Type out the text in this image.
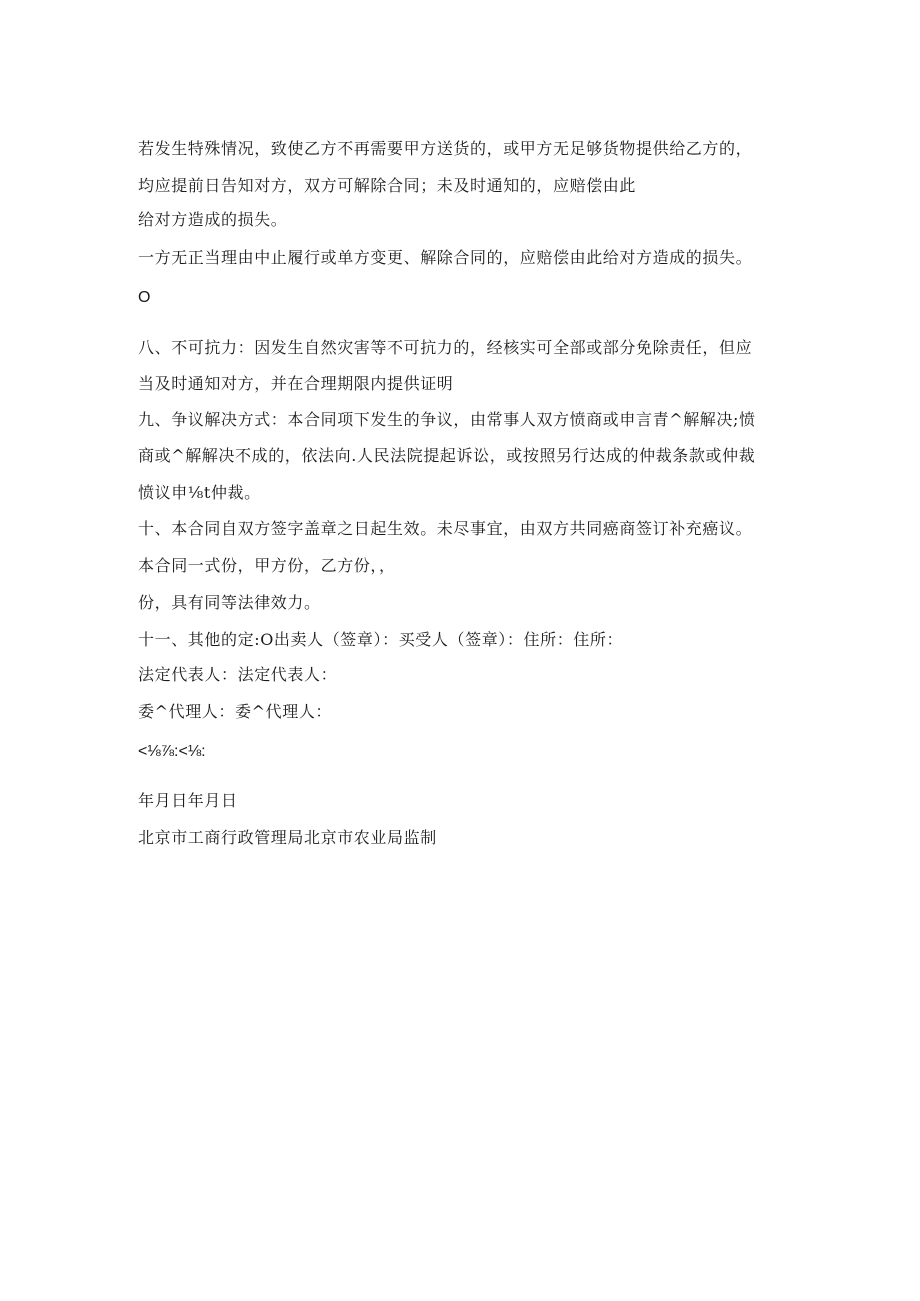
若发生特殊情况，致使乙方不再需要甲方送货的，或甲方无足够货物提供给乙方的，
均应提前日告知对方，双方可解除合同；未及时通知的，应赔偿由此
给对方造成的损失。
一方无正当理由中止履行或单方变更、解除合同的，应赔偿由此给对方造成的损失。
O
八、不可抗力：因发生自然灾害等不可抗力的，经核实可全部或部分免除责任，但应
当及时通知对方，并在合理期限内提供证明
九、争议解决方式：本合同项下发生的争议，由常事人双方愤商或申言青^解解决;愤
商或^解解决不成的，依法向.人民法院提起诉讼，或按照另行达成的仲裁条款或仲裁
愤议申⅛t仲裁。
十、本合同自双方签字盖章之日起生效。未尽事宜，由双方共同癌商签订补充癌议。
本合同一式份，甲方份，乙方份，，
份，具有同等法律效力。
十一、其他的定:O出卖人（签章）：买受人（签章）：住所：住所：
法定代表人：法定代表人：
委^代理人：委^代理人：
<⅛⅞:<⅛:
年月日年月日
北京市工商行政管理局北京市农业局监制
